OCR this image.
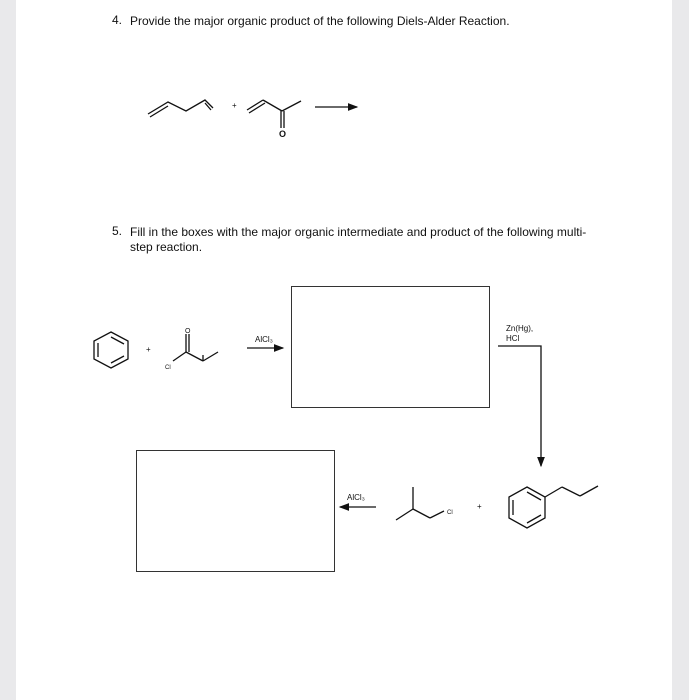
4. Provide the major organic product of the following Diels-Alder Reaction.

5. Fill in the boxes with the major organic intermediate and product of the following multi-

step reaction.

+
O
+
O
Cl
AlCl₃
Zn(Hg),
HCl
AlCl₃
Cl
+
